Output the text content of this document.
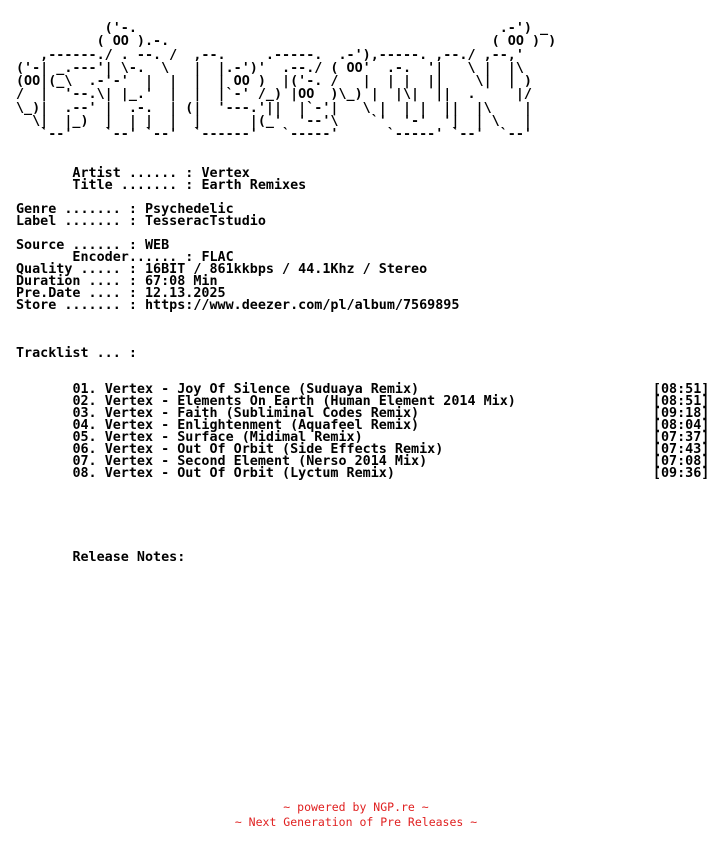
('-.                                             .-') _
( OO ).-.                                        ( OO ) )
,------./ . --. /  ,--.     .-----.  .-'),-----. ,--./ ,--,'
('-| _.---'| \-.  \   |  |.-')'  .--./ ( OO'  .-.  '|   \ |  |\
(OO|(_\  .-'-'  |  |  |  | OO )  |('-. /   |  | |  ||    \|  | )
/  |  '--.\| |_.'  |  |  |`-' /_) |OO  )\_) |  |\|  ||  .     |/
\_)|  .--' |  .-.  | (|  '---.'||  |`-'|   \ |  | |  ||  |\    |
\|  |_)  |  | |  |  |      |(_'  '--'\    `'  '-'  '|  | \   |
`--'    `--' `--'  `------'   `-----'      `-----' `--'  `--'
Artist ...... : Vertex
Title ....... : Earth Remixes

Genre ....... : Psychedelic
Label ....... : TesseracTstudio

Source ...... : WEB
Encoder...... : FLAC
Quality ..... : 16BIT / 861kkbps / 44.1Khz / Stereo
Duration .... : 67:08 Min
Pre.Date .... : 12.13.2025
Store ....... : https://www.deezer.com/pl/album/7569895

Tracklist ... :

01. Vertex - Joy Of Silence (Suduaya Remix)	[08:51]
02. Vertex - Elements On Earth (Human Element 2014 Mix)	[08:51]
03. Vertex - Faith (Subliminal Codes Remix)	[09:18]
04. Vertex - Enlightenment (Aquafeel Remix)	[08:04]
05. Vertex - Surface (Midimal Remix)	[07:37]
06. Vertex - Out Of Orbit (Side Effects Remix)	[07:43]
07. Vertex - Second Element (Nerso 2014 Mix)	[07:08]
08. Vertex - Out Of Orbit (Lyctum Remix)	[09:36]

Release Notes:
~ powered by NGP.re ~
~ Next Generation of Pre Releases ~
